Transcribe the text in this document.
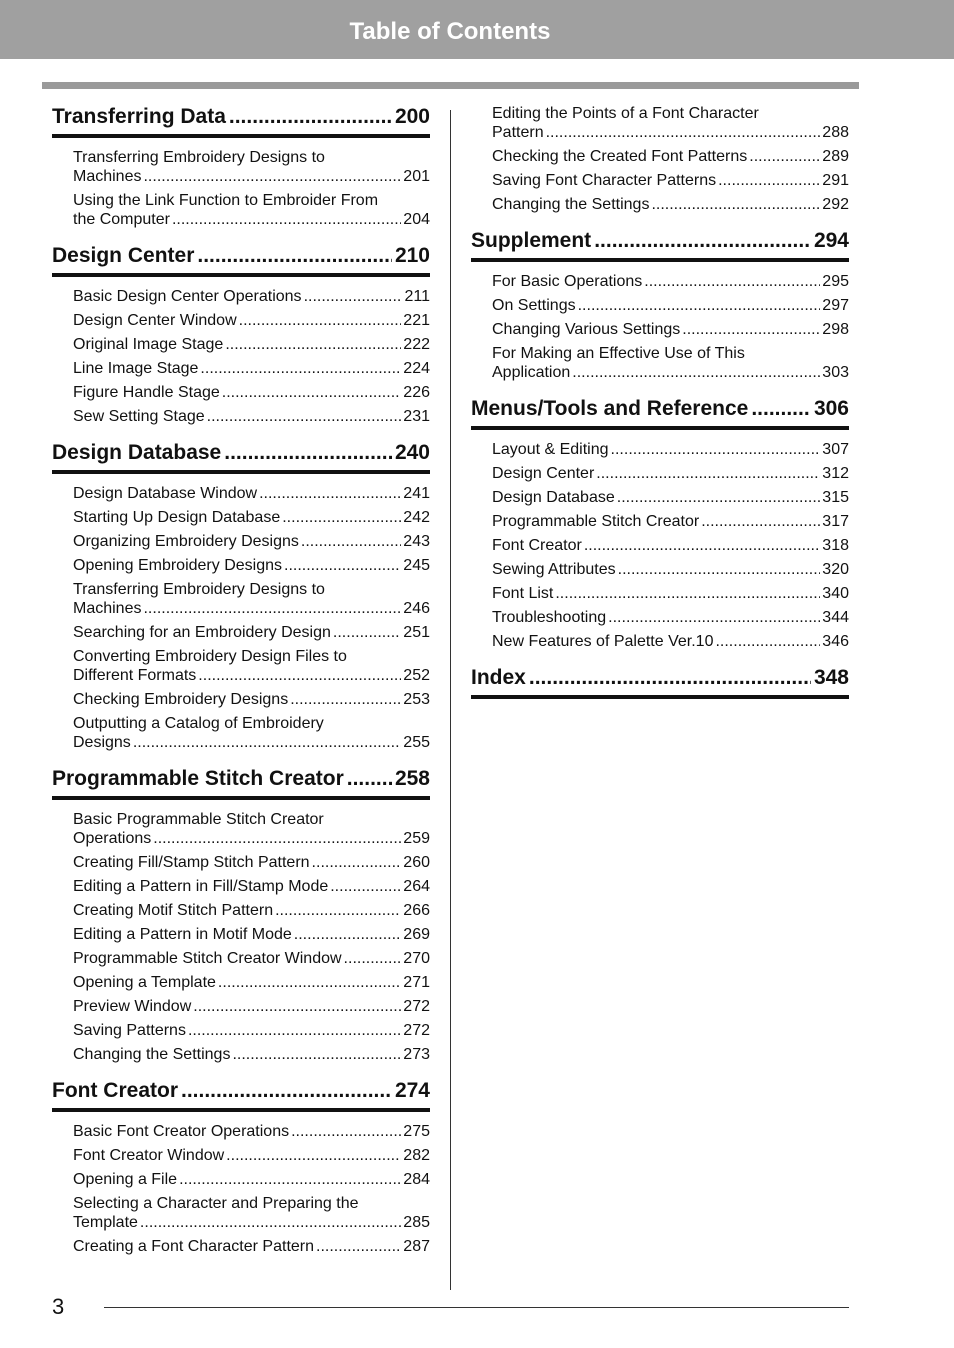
Table of Contents
Transferring Data .....	200
Transferring Embroidery Designs to
Machines .....	201
Using the Link Function to Embroider From
the Computer .....	204
Design Center .....	210
Basic Design Center Operations .....	211
Design Center Window .....	221
Original Image Stage .....	222
Line Image Stage .....	224
Figure Handle Stage .....	226
Sew Setting Stage .....	231
Design Database .....	240
Design Database Window .....	241
Starting Up Design Database .....	242
Organizing Embroidery Designs .....	243
Opening Embroidery Designs .....	245
Transferring Embroidery Designs to
Machines .....	246
Searching for an Embroidery Design .....	251
Converting Embroidery Design Files to
Different Formats .....	252
Checking Embroidery Designs .....	253
Outputting a Catalog of Embroidery
Designs .....	255
Programmable Stitch Creator ..... 258
Basic Programmable Stitch Creator
Operations .....	259
Creating Fill/Stamp Stitch Pattern .....	260
Editing a Pattern in Fill/Stamp Mode .....	264
Creating Motif Stitch Pattern .....	266
Editing a Pattern in Motif Mode .....	269
Programmable Stitch Creator Window .....	270
Opening a Template .....	271
Preview Window .....	272
Saving Patterns .....	272
Changing the Settings .....	273
Font Creator .....	274
Basic Font Creator Operations .....	275
Font Creator Window .....	282
Opening a File .....	284
Selecting a Character and Preparing the
Template .....	285
Creating a Font Character Pattern .....	287
Editing the Points of a Font Character
Pattern .....	288
Checking the Created Font Patterns .....	289
Saving Font Character Patterns .....	291
Changing the Settings .....	292
Supplement .....	294
For Basic Operations .....	295
On Settings .....	297
Changing Various Settings .....	298
For Making an Effective Use of This
Application .....	303
Menus/Tools and Reference .....	306
Layout & Editing .....	307
Design Center .....	312
Design Database .....	315
Programmable Stitch Creator .....	317
Font Creator .....	318
Sewing Attributes .....	320
Font List .....	340
Troubleshooting .....	344
New Features of Palette Ver.10 .....	346
Index .....	348
3
